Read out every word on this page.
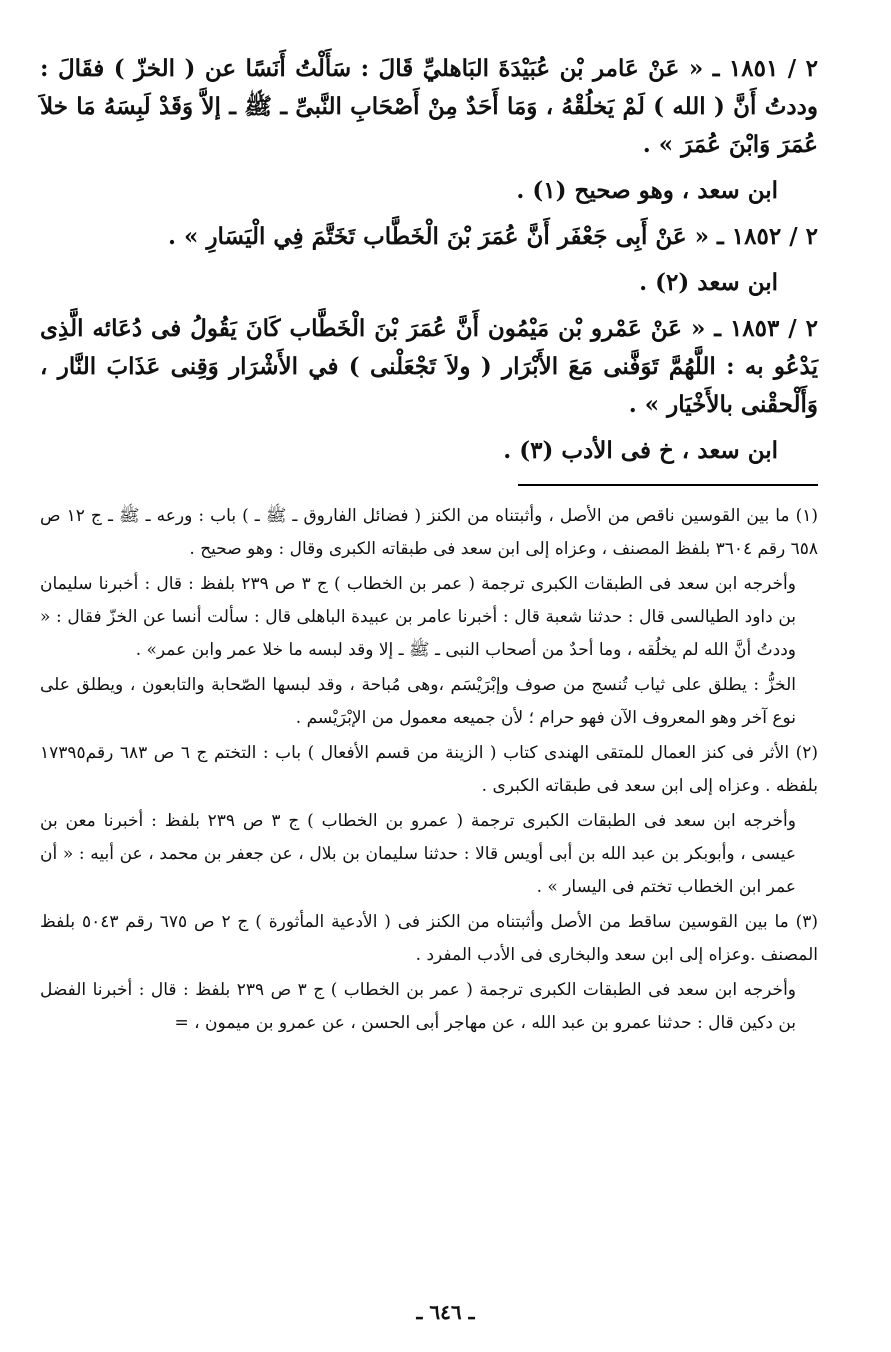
٢ / ١٨٥١ ـ « عَنْ عَامر بْن عُبَيْدَةَ البَاهليِّ قَالَ : سَأَلْتُ أَنَسًا عن ( الخزّ ) فقَالَ : وددتُ أَنَّ ( الله ) لَمْ يَخلُقْهُ ، وَمَا أَحَدٌ مِنْ أَصْحَابِ النَّبىِّ ـ ﷺ ـ إلاَّ وَقَدْ لَبِسَهُ مَا خلاَ عُمَرَ وَابْنَ عُمَرَ » .

ابن سعد ، وهو صحيح (١) .

٢ / ١٨٥٢ ـ « عَنْ أَبِى جَعْفَر أَنَّ عُمَرَ بْنَ الْخَطَّاب تَخَتَّمَ فِي الْيَسَارِ » .

ابن سعد (٢) .

٢ / ١٨٥٣ ـ « عَنْ عَمْرو بْن مَيْمُون أَنَّ عُمَرَ بْنَ الْخَطَّاب كَانَ يَقُولُ فى دُعَائه الَّذِى يَدْعُو به : اللَّهُمَّ تَوَفَّنى مَعَ الأَبْرَار ( ولاَ تَجْعَلْنى ) في الأَشْرَار وَقِنى عَذَابَ النَّار ، وَأَلْحقْنى بالأَخْيَار » .

ابن سعد ، خ فى الأدب (٣) .

(١) ما بين القوسين ناقص من الأصل ، وأثبتناه من الكنز ( فضائل الفاروق ـ ﷺ ـ ) باب : ورعه ـ ﷺ ـ ج ١٢ ص ٦٥٨ رقم ٣٦٠٤ بلفظ المصنف ، وعزاه إلى ابن سعد فى طبقاته الكبرى وقال : وهو صحيح .

وأخرجه ابن سعد فى الطبقات الكبرى ترجمة ( عمر بن الخطاب ) ج ٣ ص ٢٣٩ بلفظ : قال : أخبرنا سليمان بن داود الطيالسى قال : حدثنا شعبة قال : أخبرنا عامر بن عبيدة الباهلى قال : سألت أنسا عن الخزّ فقال : « وددتُ أنَّ الله لم يخلُقه ، وما أحدٌ من أصحاب النبى ـ ﷺ ـ إلا وقد لبسه ما خلا عمر وابن عمر» .

الخزُّ : يطلق على ثياب تُنسج من صوف وإبْرَيْسَم ،وهى مُباحة ، وقد لبسها الصّحابة والتابعون ، ويطلق على نوع آخر وهو المعروف الآن فهو حرام ؛ لأن جميعه معمول من الإبْرَيْسم .

(٢) الأثر فى كنز العمال للمتقى الهندى كتاب ( الزينة من قسم الأفعال ) باب : التختم ج ٦ ص ٦٨٣ رقم١٧٣٩٥ بلفظه . وعزاه إلى ابن سعد فى طبقاته الكبرى .

وأخرجه ابن سعد فى الطبقات الكبرى ترجمة ( عمرو بن الخطاب ) ج ٣ ص ٢٣٩ بلفظ : أخبرنا معن بن عيسى ، وأبوبكر بن عبد الله بن أبى أويس قالا : حدثنا سليمان بن بلال ، عن جعفر بن محمد ، عن أبيه : « أن عمر ابن الخطاب تختم فى اليسار » .

(٣) ما بين القوسين ساقط من الأصل وأثبتناه من الكنز فى ( الأدعية المأثورة ) ج ٢ ص ٦٧٥ رقم ٥٠٤٣ بلفظ المصنف .وعزاه إلى ابن سعد والبخارى فى الأدب المفرد .

وأخرجه ابن سعد فى الطبقات الكبرى ترجمة ( عمر بن الخطاب ) ج ٣ ص ٢٣٩ بلفظ : قال : أخبرنا الفضل بن دكين قال : حدثنا عمرو بن عبد الله ، عن مهاجر أبى الحسن ، عن عمرو بن ميمون ، =

ـ ٦٤٦ ـ
